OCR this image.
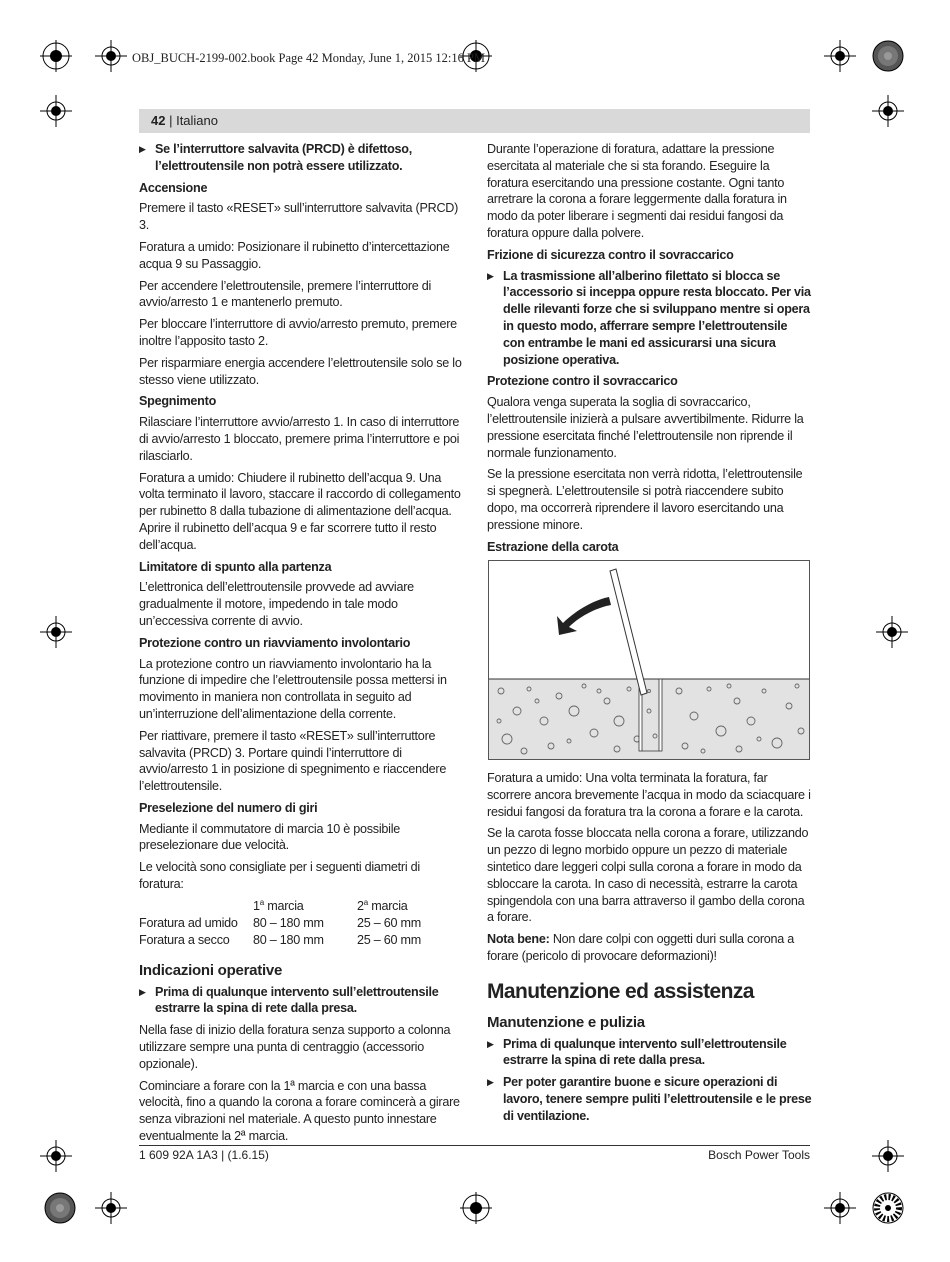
OBJ_BUCH-2199-002.book Page 42 Monday, June 1, 2015 12:16 PM
42 | Italiano
▶ Se l’interruttore salvavita (PRCD) è difettoso, l’elettroutensile non potrà essere utilizzato.
Accensione

Premere il tasto «RESET» sull’interruttore salvavita (PRCD) 3.

Foratura a umido: Posizionare il rubinetto d’intercettazione acqua 9 su Passaggio.

Per accendere l’elettroutensile, premere l’interruttore di avvio/arresto 1 e mantenerlo premuto.

Per bloccare l’interruttore di avvio/arresto premuto, premere inoltre l’apposito tasto 2.

Per risparmiare energia accendere l’elettroutensile solo se lo stesso viene utilizzato.

Spegnimento

Rilasciare l’interruttore avvio/arresto 1. In caso di interruttore di avvio/arresto 1 bloccato, premere prima l’interruttore e poi rilasciarlo.

Foratura a umido: Chiudere il rubinetto dell’acqua 9. Una volta terminato il lavoro, staccare il raccordo di collegamento per rubinetto 8 dalla tubazione di alimentazione dell’acqua. Aprire il rubinetto dell’acqua 9 e far scorrere tutto il resto dell’acqua.

Limitatore di spunto alla partenza

L’elettronica dell’elettroutensile provvede ad avviare gradualmente il motore, impedendo in tale modo un’eccessiva corrente di avvio.

Protezione contro un riavviamento involontario

La protezione contro un riavviamento involontario ha la funzione di impedire che l’elettroutensile possa mettersi in movimento in maniera non controllata in seguito ad un’interruzione dell’alimentazione della corrente.

Per riattivare, premere il tasto «RESET» sull’interruttore salvavita (PRCD) 3. Portare quindi l’interruttore di avvio/arresto 1 in posizione di spegnimento e riaccendere l’elettroutensile.

Preselezione del numero di giri

Mediante il commutatore di marcia 10 è possibile preselezionare due velocità.

Le velocità sono consigliate per i seguenti diametri di foratura:

	1$^a$ marcia	2$^a$ marcia
Foratura ad umido	80 – 180 mm	25 – 60 mm
Foratura a secco	80 – 180 mm	25 – 60 mm
Indicazioni operative
▶ Prima di qualunque intervento sull’elettroutensile estrarre la spina di rete dalla presa.

Nella fase di inizio della foratura senza supporto a colonna utilizzare sempre una punta di centraggio (accessorio opzionale).

Cominciare a forare con la 1ª marcia e con una bassa velocità, fino a quando la corona a forare comincerà a girare senza vibrazioni nel materiale. A questo punto innestare eventualmente la 2ª marcia.

Durante l’operazione di foratura, adattare la pressione esercitata al materiale che si sta forando. Eseguire la foratura esercitando una pressione costante. Ogni tanto arretrare la corona a forare leggermente dalla foratura in modo da poter liberare i segmenti dai residui fangosi da foratura oppure dalla polvere.

Frizione di sicurezza contro il sovraccarico
▶ La trasmissione all’alberino filettato si blocca se l’accessorio si inceppa oppure resta bloccato. Per via delle rilevanti forze che si sviluppano mentre si opera in questo modo, afferrare sempre l’elettroutensile con entrambe le mani ed assicurarsi una sicura posizione operativa.
Protezione contro il sovraccarico

Qualora venga superata la soglia di sovraccarico, l’elettroutensile inizierà a pulsare avvertibilmente. Ridurre la pressione esercitata finché l’elettroutensile non riprende il normale funzionamento.

Se la pressione esercitata non verrà ridotta, l’elettroutensile si spegnerà. L’elettroutensile si potrà riaccendere subito dopo, ma occorrerà riprendere il lavoro esercitando una pressione minore.

Estrazione della carota

Foratura a umido: Una volta terminata la foratura, far scorrere ancora brevemente l’acqua in modo da sciacquare i residui fangosi da foratura tra la corona a forare e la carota.

Se la carota fosse bloccata nella corona a forare, utilizzando un pezzo di legno morbido oppure un pezzo di materiale sintetico dare leggeri colpi sulla corona a forare in modo da sbloccare la carota. In caso di necessità, estrarre la carota spingendola con una barra attraverso il gambo della corona a forare.

Nota bene: Non dare colpi con oggetti duri sulla corona a forare (pericolo di provocare deformazioni)!

Manutenzione ed assistenza
Manutenzione e pulizia
▶ Prima di qualunque intervento sull’elettroutensile estrarre la spina di rete dalla presa.
▶ Per poter garantire buone e sicure operazioni di lavoro, tenere sempre puliti l’elettroutensile e le prese di ventilazione.
1 609 92A 1A3 | (1.6.15)	Bosch Power Tools
